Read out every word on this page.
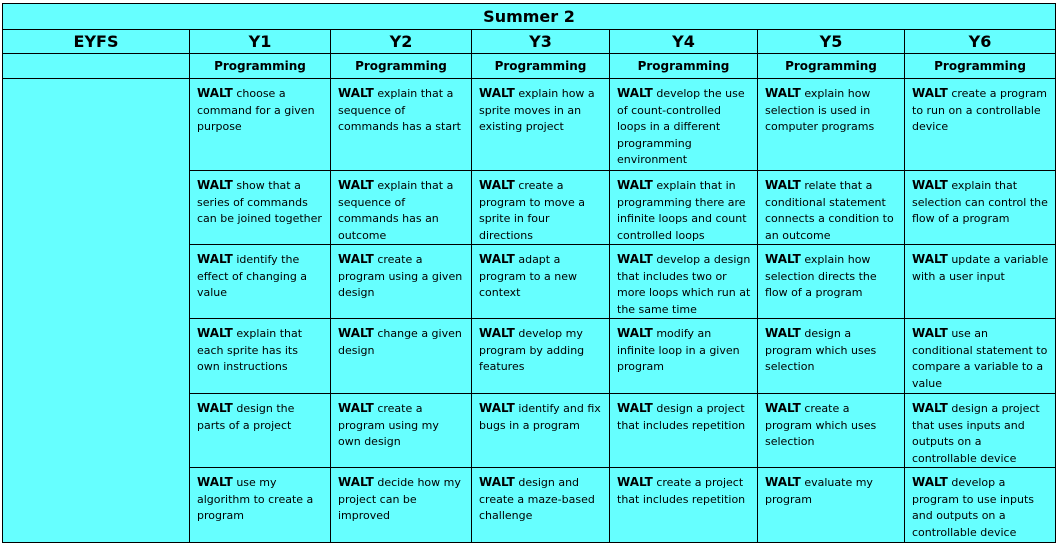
Summer 2						
EYFS	Y1	Y2	Y3	Y4	Y5	Y6
	Programming	Programming	Programming	Programming	Programming	Programming
	WALT choose a command for a given purpose	WALT explain that a sequence of commands has a start	WALT explain how a sprite moves in an existing project	WALT develop the use of count-controlled loops in a different programming environment	WALT explain how selection is used in computer programs	WALT create a program to run on a controllable device
	WALT show that a series of commands can be joined together	WALT explain that a sequence of commands has an outcome	WALT create a program to move a sprite in four directions	WALT explain that in programming there are infinite loops and count controlled loops	WALT relate that a conditional statement connects a condition to an outcome	WALT explain that selection can control the flow of a program
	WALT identify the effect of changing a value	WALT create a program using a given design	WALT adapt a program to a new context	WALT develop a design that includes two or more loops which run at the same time	WALT explain how selection directs the flow of a program	WALT update a variable with a user input
	WALT explain that each sprite has its own instructions	WALT change a given design	WALT develop my program by adding features	WALT modify an infinite loop in a given program	WALT design a program which uses selection	WALT use an conditional statement to compare a variable to a value
	WALT design the parts of a project	WALT create a program using my own design	WALT identify and fix bugs in a program	WALT design a project that includes repetition	WALT create a program which uses selection	WALT design a project that uses inputs and outputs on a controllable device
	WALT use my algorithm to create a program	WALT decide how my project can be improved	WALT design and create a maze-based challenge	WALT create a project that includes repetition	WALT evaluate my program	WALT develop a program to use inputs and outputs on a controllable device
